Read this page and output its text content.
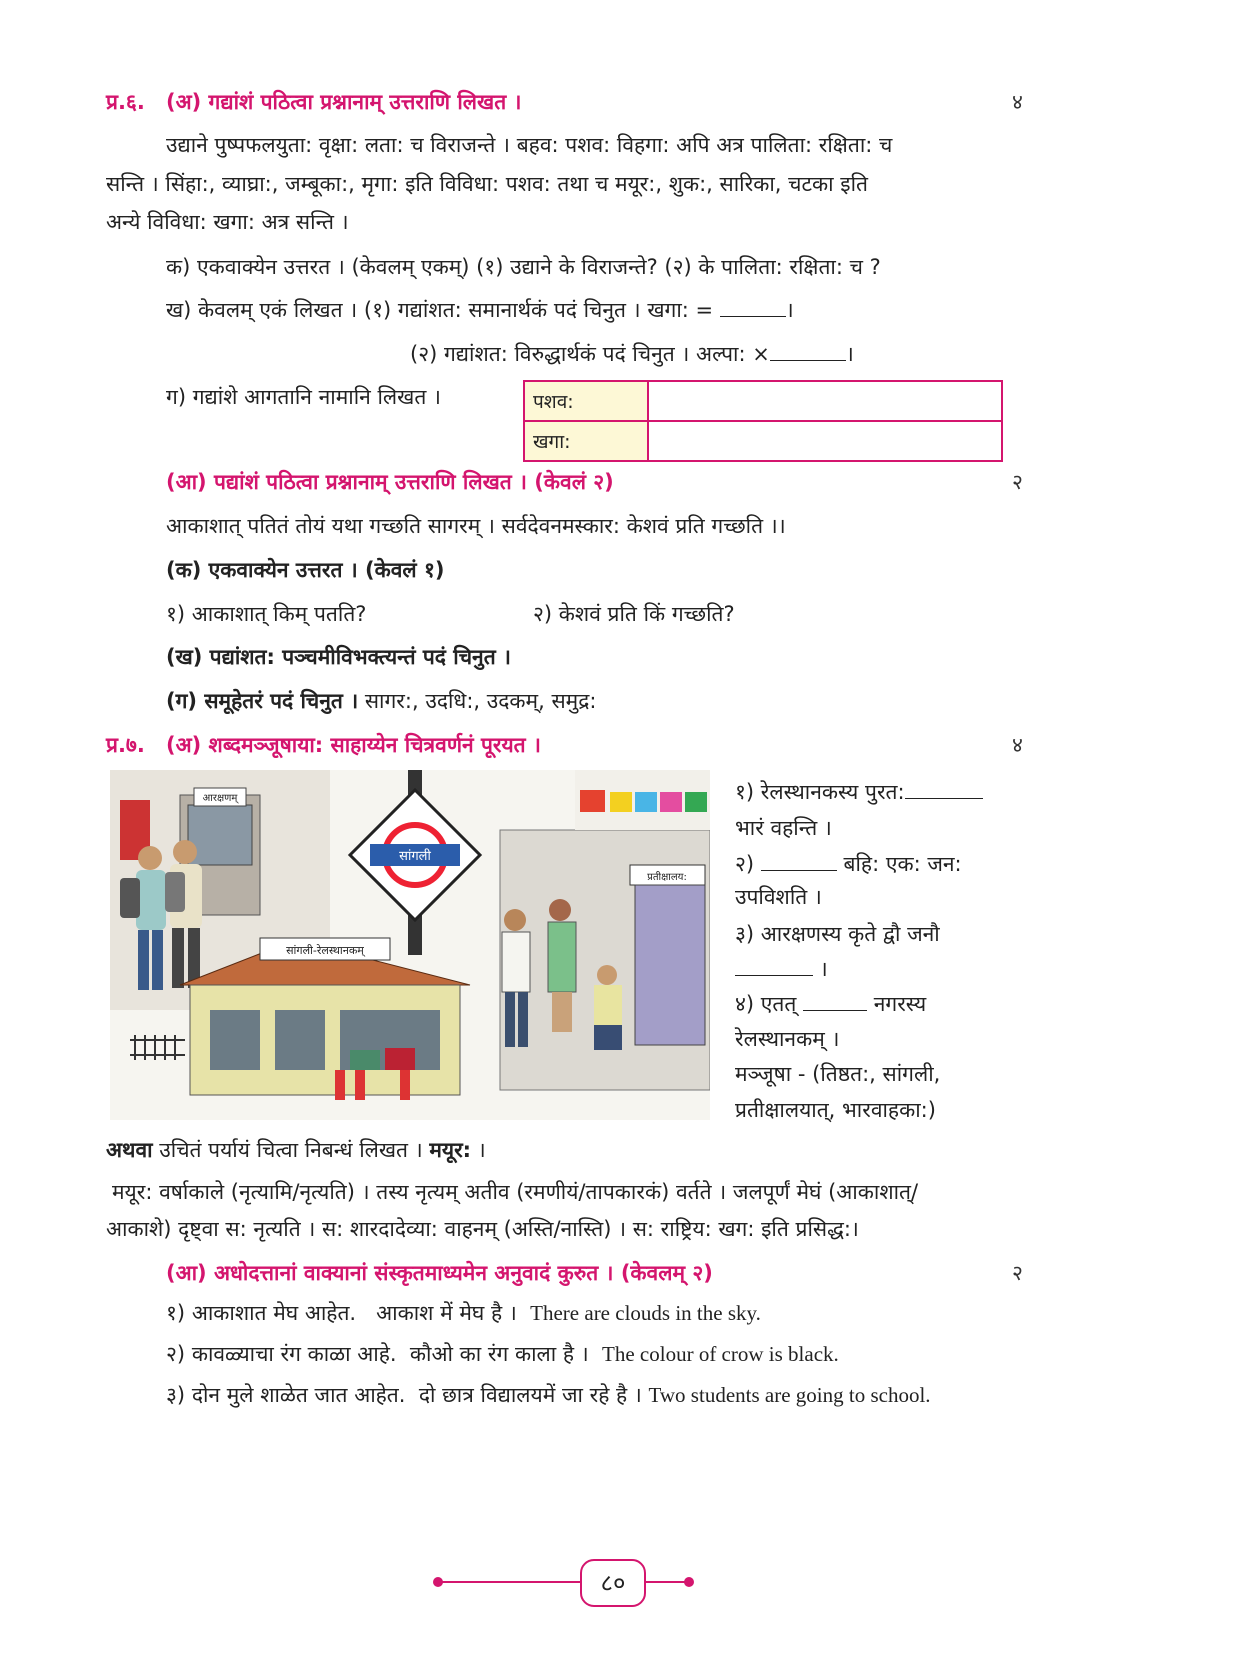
प्र.६. (अ) गद्यांशं पठित्वा प्रश्नानाम् उत्तराणि लिखत ।	४
उद्याने पुष्पफलयुता: वृक्षा: लता: च विराजन्ते । बहव: पशव: विहगा: अपि अत्र पालिता: रक्षिता: च
सन्ति । सिंहा:, व्याघ्रा:, जम्बूका:, मृगा: इति विविधा: पशव: तथा च मयूर:, शुक:, सारिका, चटका इति
अन्ये विविधा: खगा: अत्र सन्ति ।
क) एकवाक्येन उत्तरत । (केवलम् एकम्) (१) उद्याने के विराजन्ते? (२) के पालिता: रक्षिता: च ?
ख) केवलम् एकं लिखत । (१) गद्यांशत: समानार्थकं पदं चिनुत । खगा: =	।
(२) गद्यांशत: विरुद्धार्थकं पदं चिनुत । अल्पा: ×	।
ग) गद्यांशे आगतानि नामानि लिखत ।	पशव:	
खगा:	
(आ) पद्यांशं पठित्वा प्रश्नानाम् उत्तराणि लिखत । (केवलं २)	२
आकाशात् पतितं तोयं यथा गच्छति सागरम् । सर्वदेवनमस्कार: केशवं प्रति गच्छति ।।
(क) एकवाक्येन उत्तरत । (केवलं १)
१) आकाशात् किम् पतति?	२) केशवं प्रति किं गच्छति?
(ख) पद्यांशत: पञ्चमीविभक्त्यन्तं पदं चिनुत ।
(ग) समूहेतरं पदं चिनुत । सागर:, उदधि:, उदकम्, समुद्र:
प्र.७. (अ) शब्दमञ्जूषाया: साहाय्येन चित्रवर्णनं पूरयत ।	४
आरक्षणम्
सांगली
सांगली-रेलस्थानकम्
प्रतीक्षालय:
१) रेलस्थानकस्य पुरत:
भारं वहन्ति ।
२)	बहि: एक: जन:
उपविशति ।
३) आरक्षणस्य कृते द्वौ जनौ
।
४) एतत्	नगरस्य
रेलस्थानकम् ।
मञ्जूषा - (तिष्ठत:, सांगली,
प्रतीक्षालयात्, भारवाहका:)
अथवा उचितं पर्यायं चित्वा निबन्धं लिखत । मयूर: ।
मयूर: वर्षाकाले (नृत्यामि/नृत्यति) । तस्य नृत्यम् अतीव (रमणीयं/तापकारकं) वर्तते । जलपूर्णं मेघं (आकाशात्/
आकाशे) दृष्ट्वा स: नृत्यति । स: शारदादेव्या: वाहनम् (अस्ति/नास्ति) । स: राष्ट्रिय: खग: इति प्रसिद्ध:।
(आ) अधोदत्तानां वाक्यानां संस्कृतमाध्यमेन अनुवादं कुरुत । (केवलम् २)	२
१) आकाशात मेघ आहेत. आकाश में मेघ है । There are clouds in the sky.
२) कावळ्याचा रंग काळा आहे. कौओ का रंग काला है । The colour of crow is black.
३) दोन मुले शाळेत जात आहेत. दो छात्र विद्यालयमें जा रहे है । Two students are going to school.
८०
